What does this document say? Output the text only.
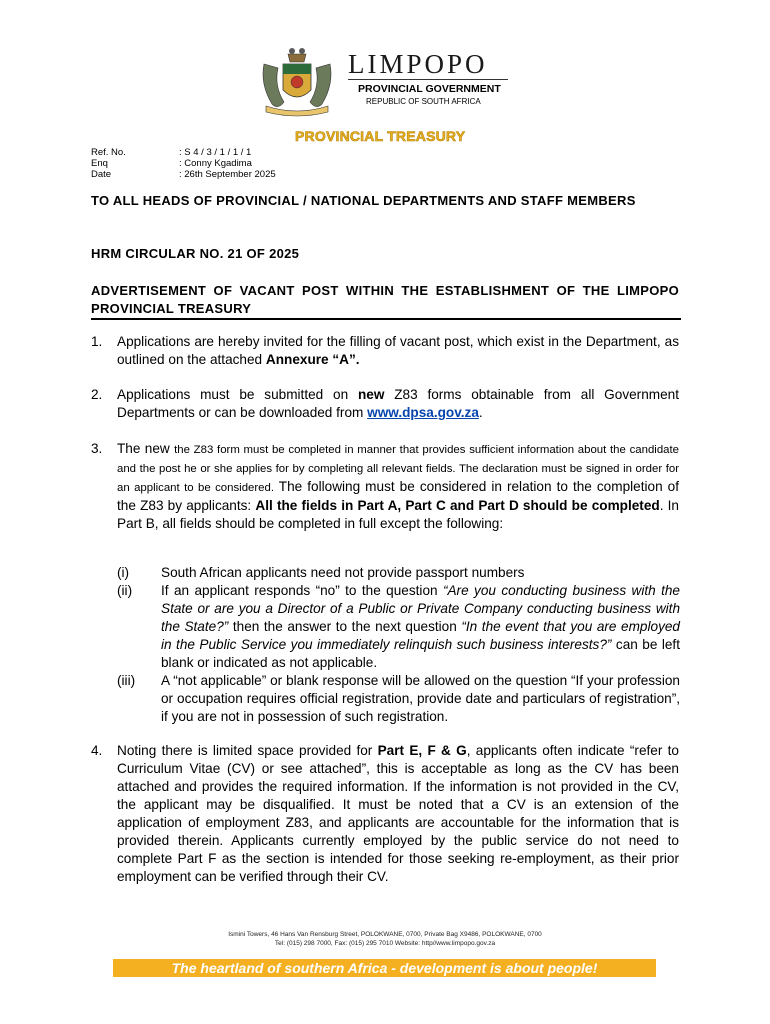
LIMPOPO
PROVINCIAL GOVERNMENT
REPUBLIC OF SOUTH AFRICA
PROVINCIAL TREASURY
Ref. No.	: S 4 / 3 / 1 / 1 / 1
Enq	: Conny Kgadima
Date	: 26th September 2025
TO ALL HEADS OF PROVINCIAL / NATIONAL DEPARTMENTS AND STAFF MEMBERS
HRM CIRCULAR NO. 21 OF 2025
ADVERTISEMENT OF VACANT POST WITHIN THE ESTABLISHMENT OF THE LIMPOPO PROVINCIAL TREASURY
1. Applications are hereby invited for the filling of vacant post, which exist in the Department, as outlined on the attached Annexure “A”.
2. Applications must be submitted on new Z83 forms obtainable from all Government Departments or can be downloaded from www.dpsa.gov.za.
3. The new the Z83 form must be completed in manner that provides sufficient information about the candidate and the post he or she applies for by completing all relevant fields. The declaration must be signed in order for an applicant to be considered. The following must be considered in relation to the completion of the Z83 by applicants: All the fields in Part A, Part C and Part D should be completed. In Part B, all fields should be completed in full except the following:
(i)	South African applicants need not provide passport numbers
(ii)	If an applicant responds “no” to the question “Are you conducting business with the State or are you a Director of a Public or Private Company conducting business with the State?” then the answer to the next question “In the event that you are employed in the Public Service you immediately relinquish such business interests?” can be left blank or indicated as not applicable.
(iii)	A “not applicable” or blank response will be allowed on the question “If your profession or occupation requires official registration, provide date and particulars of registration”, if you are not in possession of such registration.
4. Noting there is limited space provided for Part E, F & G, applicants often indicate “refer to Curriculum Vitae (CV) or see attached”, this is acceptable as long as the CV has been attached and provides the required information. If the information is not provided in the CV, the applicant may be disqualified. It must be noted that a CV is an extension of the application of employment Z83, and applicants are accountable for the information that is provided therein. Applicants currently employed by the public service do not need to complete Part F as the section is intended for those seeking re-employment, as their prior employment can be verified through their CV.
Ismini Towers, 46 Hans Van Rensburg Street, POLOKWANE, 0700, Private Bag X9486, POLOKWANE, 0700
Tel: (015) 298 7000, Fax: (015) 295 7010 Website: http//www.limpopo.gov.za
The heartland of southern Africa - development is about people!
